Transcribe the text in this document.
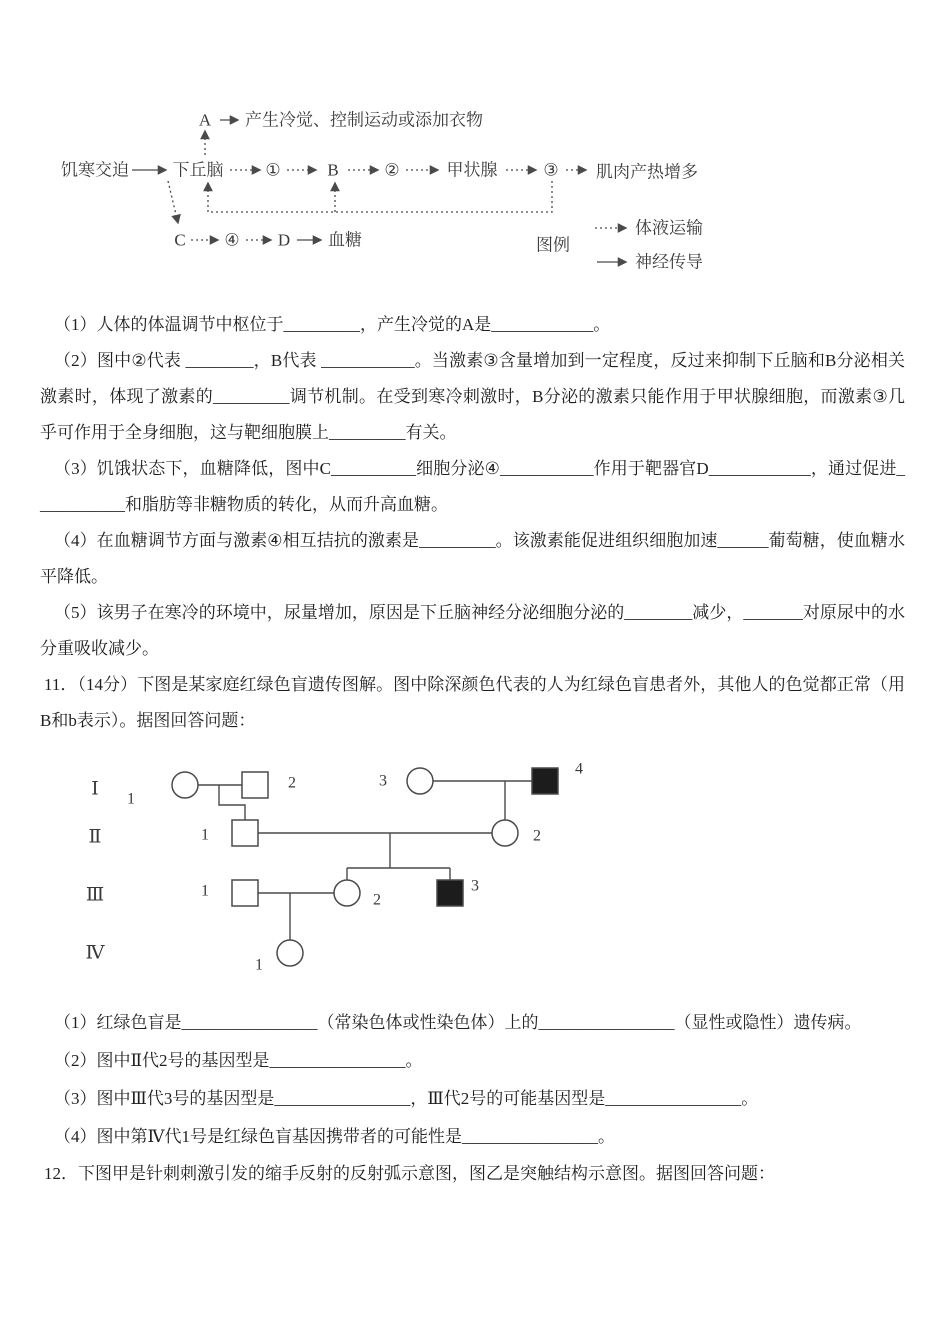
A 产生冷觉、控制运动或添加衣物
饥寒交迫	下丘脑 ①	B	②	甲状腺	③ 肌肉产热增多
C ④ D 血糖	图例
体液运输
神经传导
（1）人体的体温调节中枢位于_________，产生冷觉的A是____________。
（2）图中②代表 ________，B代表 ___________。当激素③含量增加到一定程度，反过来抑制下丘脑和B分泌相关激素时，体现了激素的_________调节机制。在受到寒冷刺激时，B分泌的激素只能作用于甲状腺细胞，而激素③几乎可作用于全身细胞，这与靶细胞膜上_________有关。
（3）饥饿状态下，血糖降低，图中C__________细胞分泌④___________作用于靶器官D____________，通过促进___________和脂肪等非糖物质的转化，从而升高血糖。
（4）在血糖调节方面与激素④相互拮抗的激素是_________。该激素能促进组织细胞加速______葡萄糖，使血糖水平降低。
（5）该男子在寒冷的环境中，尿量增加，原因是下丘脑神经分泌细胞分泌的________减少，_______对原尿中的水分重吸收减少。
11．（14分）下图是某家庭红绿色盲遗传图解。图中除深颜色代表的人为红绿色盲患者外，其他人的色觉都正常（用B和b表示）。据图回答问题：
Ⅰ
Ⅱ
Ⅲ
Ⅳ
1
2	3
4
1	2
1
2
3
1
（1）红绿色盲是________________（常染色体或性染色体）上的________________（显性或隐性）遗传病。
（2）图中Ⅱ代2号的基因型是________________。
（3）图中Ⅲ代3号的基因型是________________，Ⅲ代2号的可能基因型是________________。
（4）图中第Ⅳ代1号是红绿色盲基因携带者的可能性是________________。
12．下图甲是针刺刺激引发的缩手反射的反射弧示意图，图乙是突触结构示意图。据图回答问题：
